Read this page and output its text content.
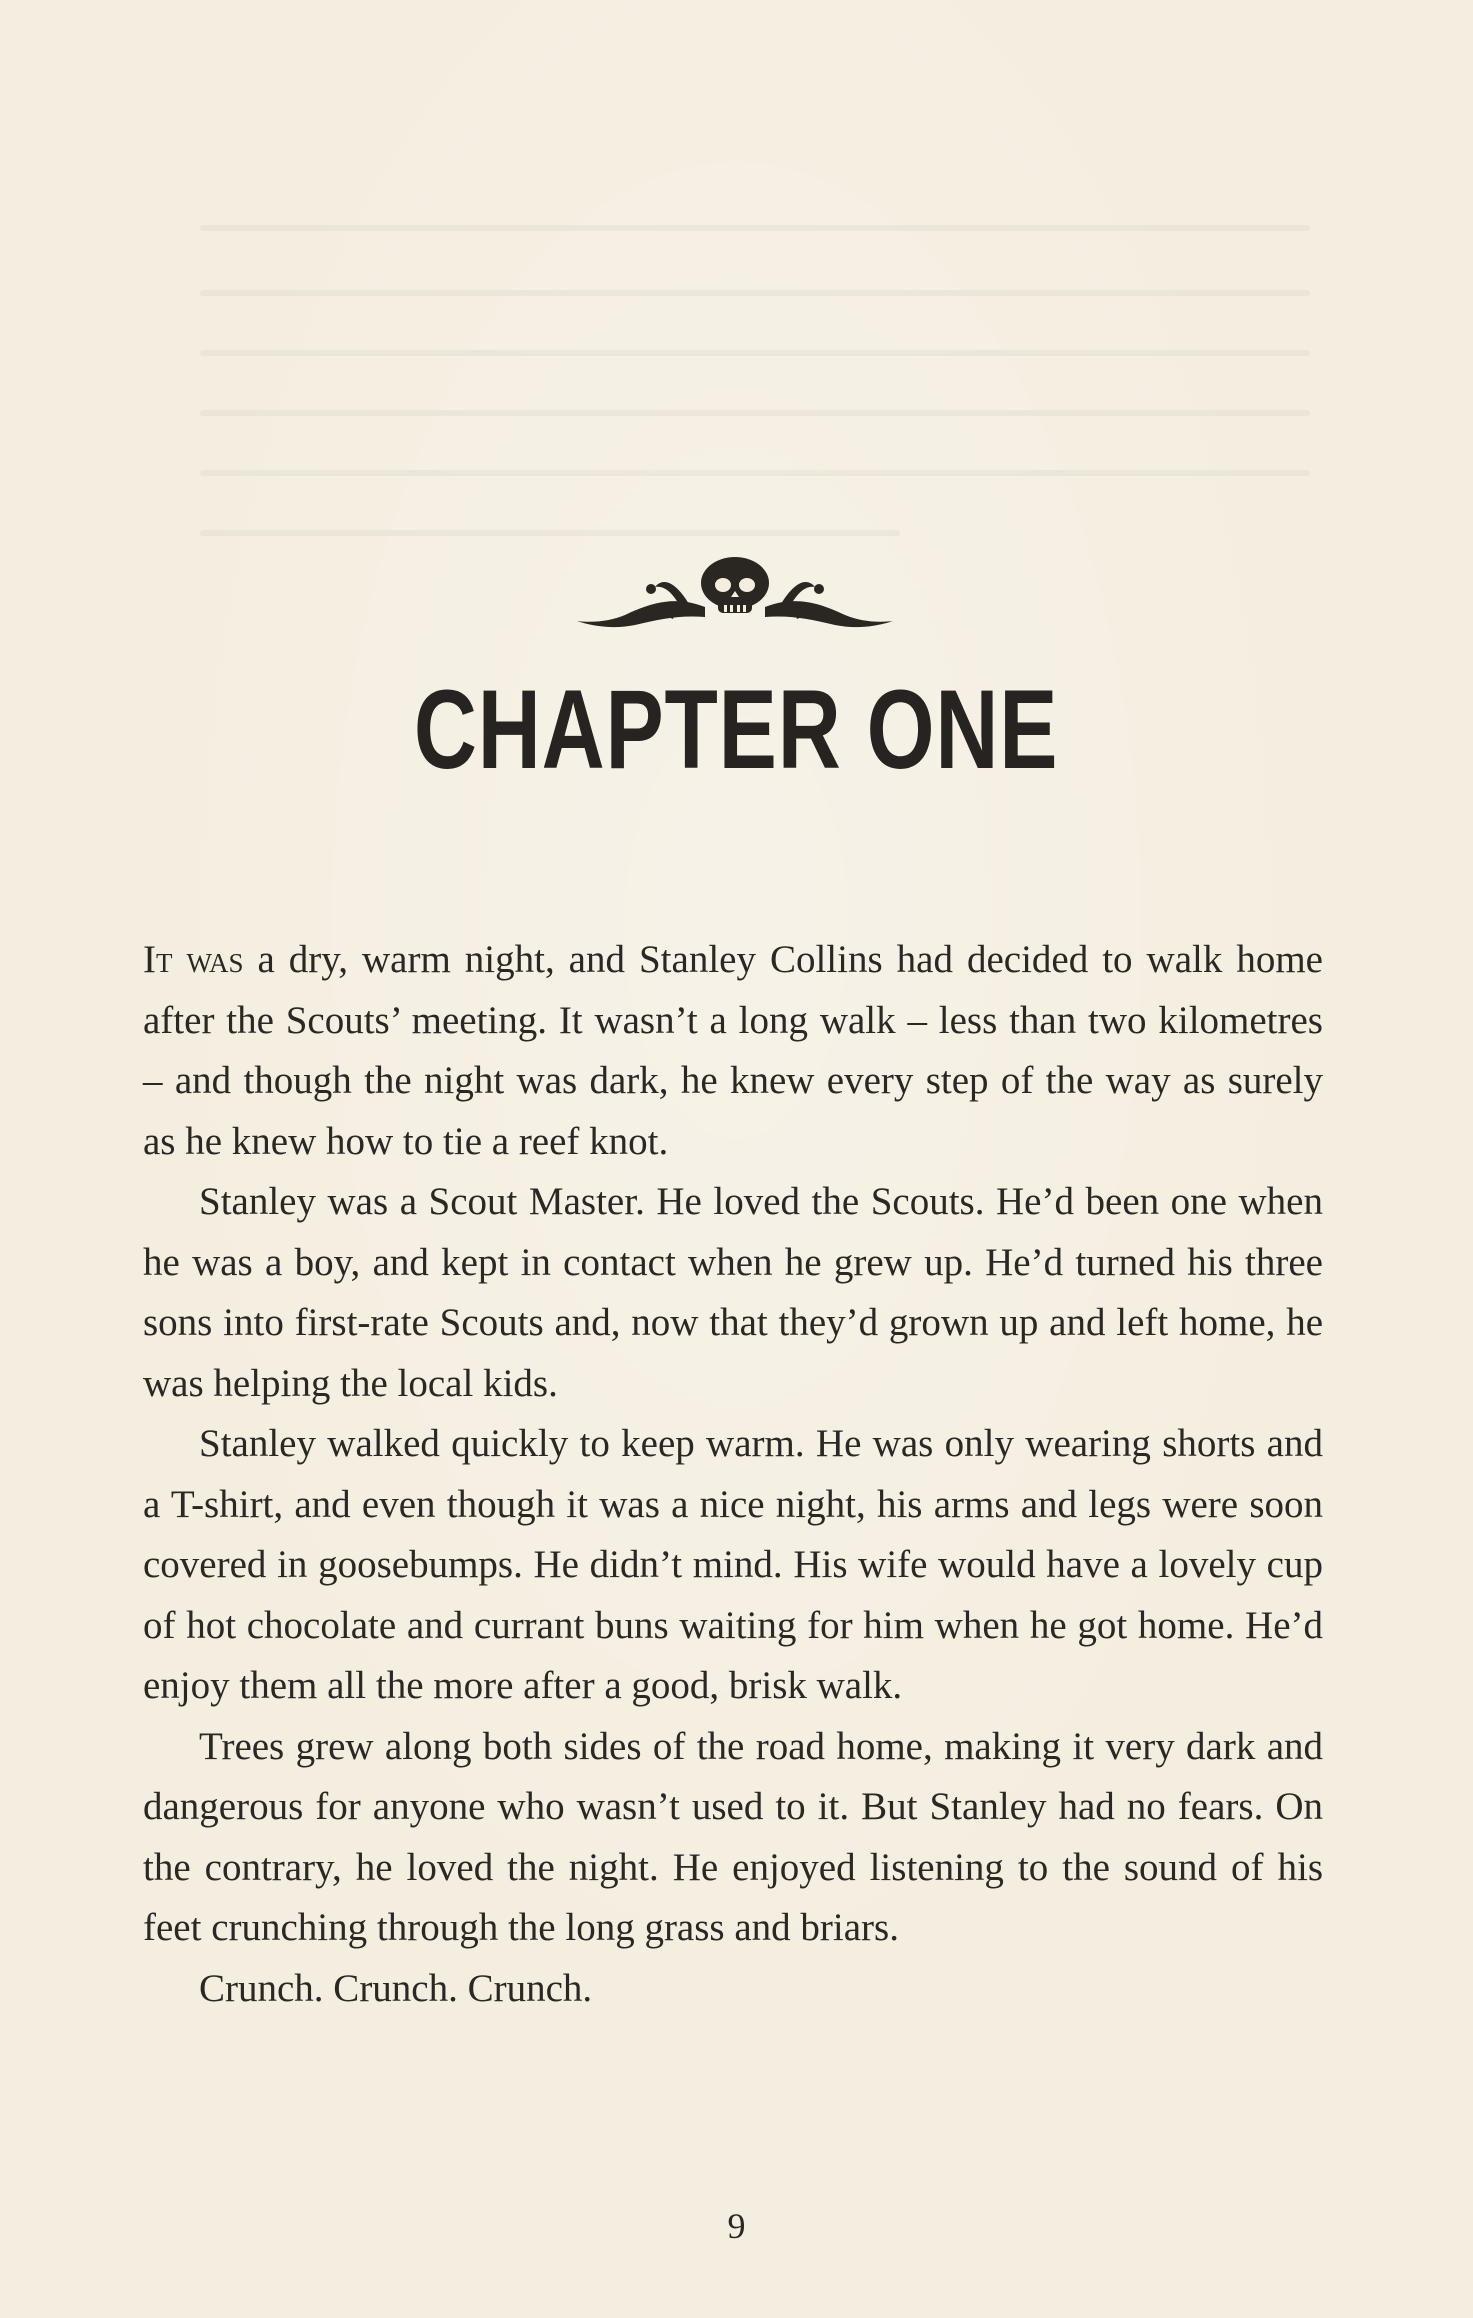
CHAPTER ONE

It was a dry, warm night, and Stanley Collins had decided to walk home after the Scouts’ meeting. It wasn’t a long walk – less than two kilometres – and though the night was dark, he knew every step of the way as surely as he knew how to tie a reef knot.

Stanley was a Scout Master. He loved the Scouts. He’d been one when he was a boy, and kept in contact when he grew up. He’d turned his three sons into first-rate Scouts and, now that they’d grown up and left home, he was helping the local kids.

Stanley walked quickly to keep warm. He was only wearing shorts and a T-shirt, and even though it was a nice night, his arms and legs were soon covered in goosebumps. He didn’t mind. His wife would have a lovely cup of hot chocolate and currant buns waiting for him when he got home. He’d enjoy them all the more after a good, brisk walk.

Trees grew along both sides of the road home, making it very dark and dangerous for anyone who wasn’t used to it. But Stanley had no fears. On the contrary, he loved the night. He enjoyed listening to the sound of his feet crunching through the long grass and briars.

Crunch. Crunch. Crunch.

9
